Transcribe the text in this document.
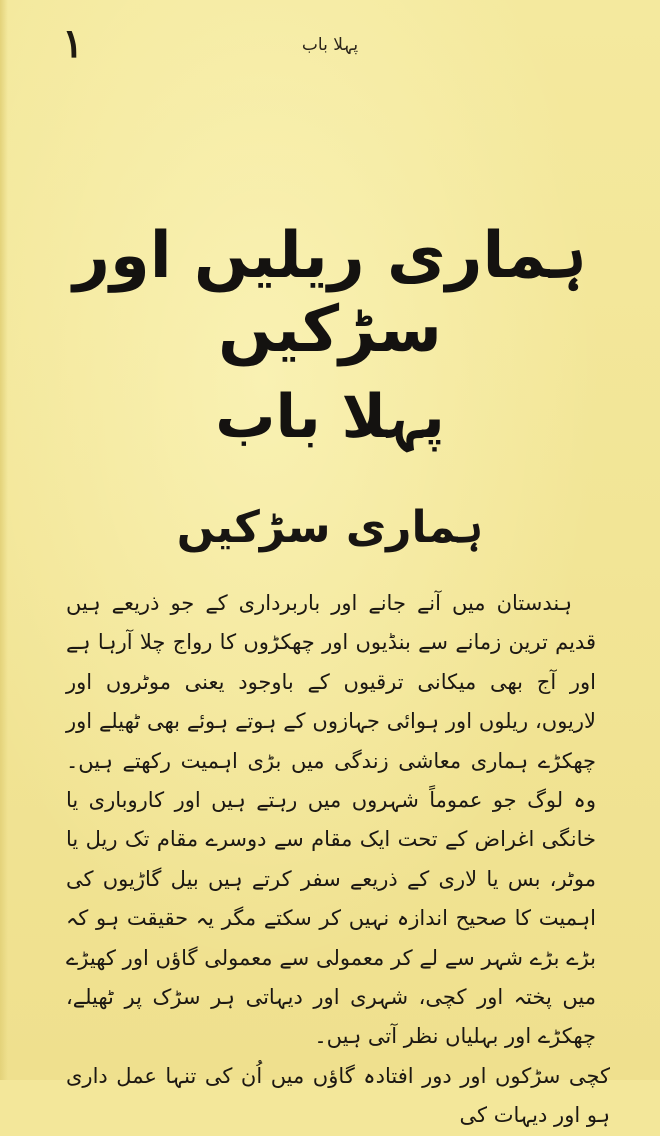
۱	پہلا باب
ہماری ریلیں اور سڑکیں
پہلا باب
ہماری سڑکیں

ہندستان میں آنے جانے اور باربرداری کے جو ذریعے ہیں قدیم ترین زمانے سے بنڈیوں اور چھکڑوں کا رواج چلا آرہا ہے اور آج بھی میکانی ترقیوں کے باوجود یعنی موٹروں اور لاریوں، ریلوں اور ہوائی جہازوں کے ہوتے ہوئے بھی ٹھیلے اور چھکڑے ہماری معاشی زندگی میں بڑی اہمیت رکھتے ہیں۔ وہ لوگ جو عموماً شہروں میں رہتے ہیں اور کاروباری یا خانگی اغراض کے تحت ایک مقام سے دوسرے مقام تک ریل یا موٹر، بس یا لاری کے ذریعے سفر کرتے ہیں بیل گاڑیوں کی اہمیت کا صحیح اندازہ نہیں کر سکتے مگر یہ حقیقت ہو کہ بڑے بڑے شہر سے لے کر معمولی سے معمولی گاؤں اور کھیڑے میں پختہ اور کچی، شہری اور دیہاتی ہر سڑک پر ٹھیلے، چھکڑے اور بہلیاں نظر آتی ہیں۔

کچی سڑکوں اور دور افتادہ گاؤں میں اُن کی تنہا عمل داری ہو اور دیہات کی
